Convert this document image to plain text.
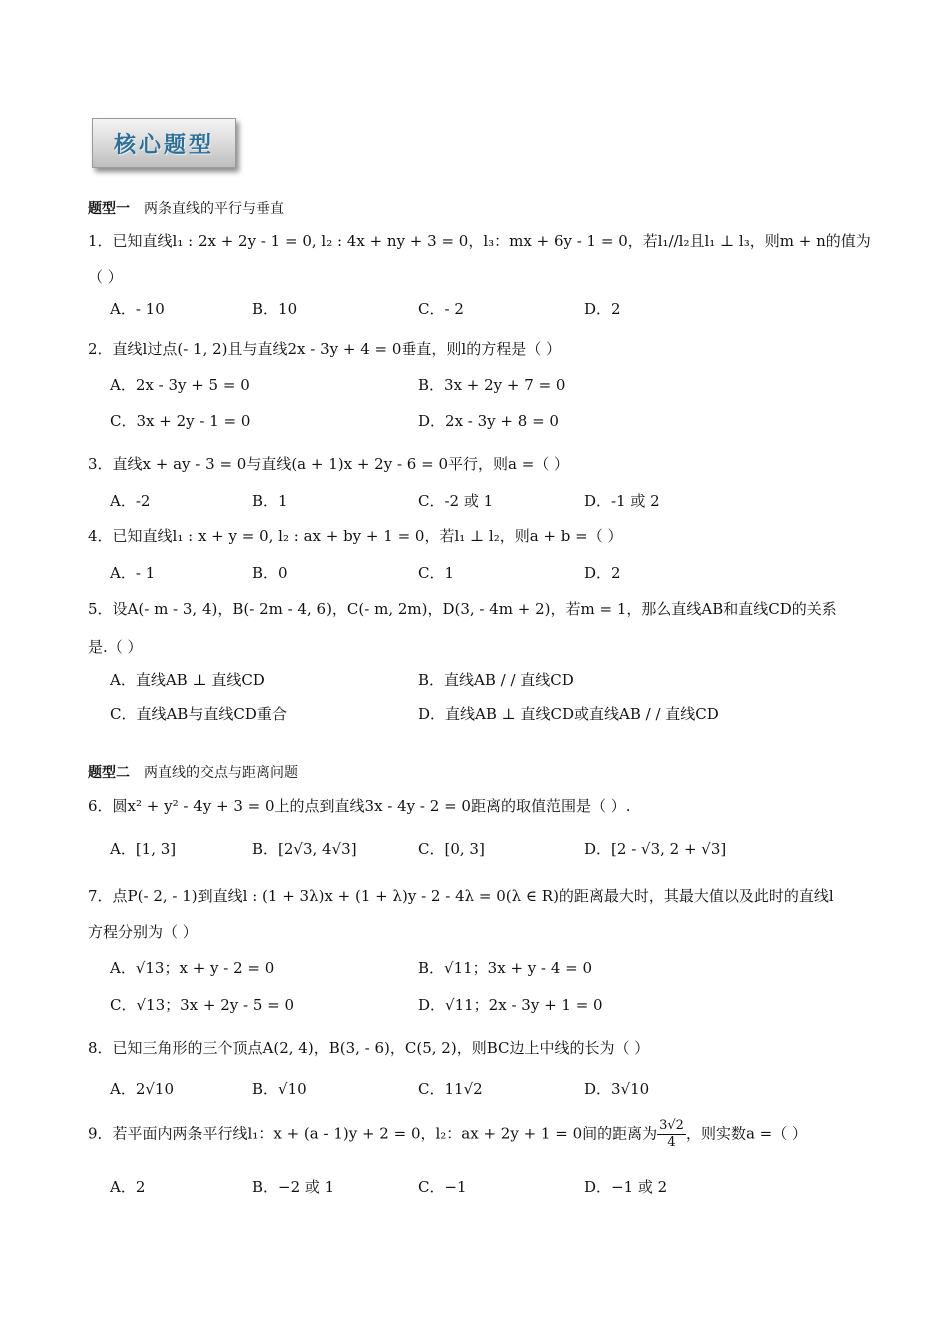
核心题型
题型一 两条直线的平行与垂直
1．已知直线l₁ : 2x + 2y - 1 = 0, l₂ : 4x + ny + 3 = 0，l₃：mx + 6y - 1 = 0，若l₁//l₂且l₁ ⊥ l₃，则m + n的值为
（ ）
A．- 10	B．10	C．- 2	D．2
2．直线l过点(- 1, 2)且与直线2x - 3y + 4 = 0垂直，则l的方程是（ ）
A．2x - 3y + 5 = 0	B．3x + 2y + 7 = 0
C．3x + 2y - 1 = 0	D．2x - 3y + 8 = 0
3．直线x + ay - 3 = 0与直线(a + 1)x + 2y - 6 = 0平行，则a =（ ）
A．-2	B．1	C．-2 或 1	D．-1 或 2
4．已知直线l₁ : x + y = 0, l₂ : ax + by + 1 = 0，若l₁ ⊥ l₂，则a + b =（ ）
A．- 1	B．0	C．1	D．2
5．设A(- m - 3, 4)，B(- 2m - 4, 6)，C(- m, 2m)，D(3, - 4m + 2)，若m = 1，那么直线AB和直线CD的关系
是.（ ）
A．直线AB ⊥ 直线CD	B．直线AB / / 直线CD
C．直线AB与直线CD重合	D．直线AB ⊥ 直线CD或直线AB / / 直线CD
题型二 两直线的交点与距离问题
6．圆x² + y² - 4y + 3 = 0上的点到直线3x - 4y - 2 = 0距离的取值范围是（ ）.
A．[1, 3]	B．[2√3, 4√3]	C．[0, 3]	D．[2 - √3, 2 + √3]
7．点P(- 2, - 1)到直线l : (1 + 3λ)x + (1 + λ)y - 2 - 4λ = 0(λ ∈ R)的距离最大时，其最大值以及此时的直线l
方程分别为（ ）
A．√13；x + y - 2 = 0	B．√11；3x + y - 4 = 0
C．√13；3x + 2y - 5 = 0	D．√11；2x - 3y + 1 = 0
8．已知三角形的三个顶点A(2, 4)，B(3, - 6)，C(5, 2)，则BC边上中线的长为（ ）
A．2√10	B．√10	C．11√2	D．3√10
9．若平面内两条平行线l₁：x + (a - 1)y + 2 = 0，l₂：ax + 2y + 1 = 0间的距离为 $\frac{3√2}{4}$ ，则实数a =（ ）
A．2	B．−2 或 1	C．−1	D．−1 或 2
